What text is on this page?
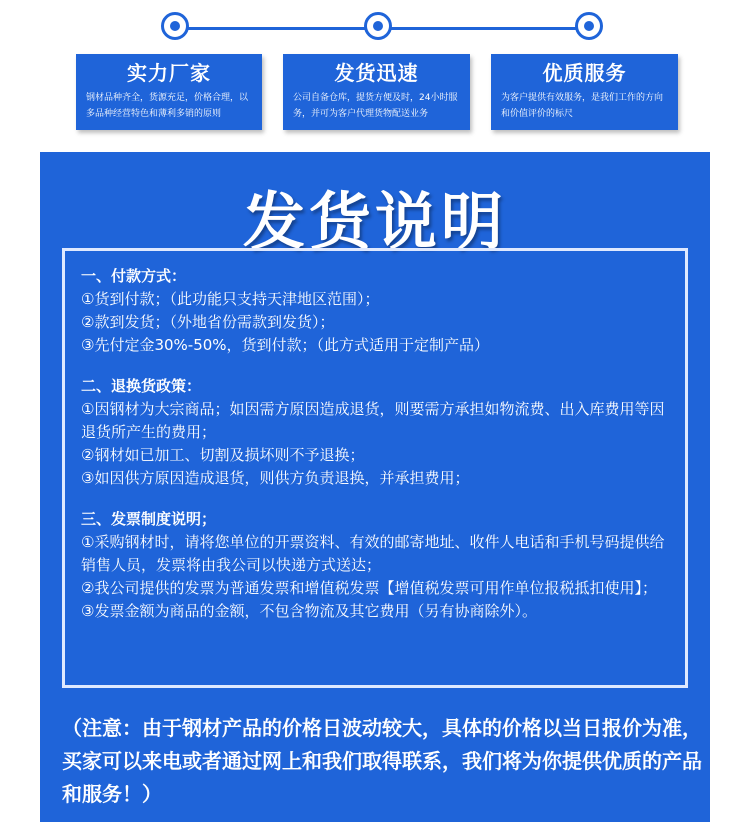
实力厂家
钢材品种齐全，货源充足，价格合理，以多品种经营特色和薄利多销的原则
发货迅速
公司自备仓库，提货方便及时，24小时服务，并可为客户代理货物配送业务
优质服务
为客户提供有效服务，是我们工作的方向和价值评价的标尺
发货说明
一、付款方式：
①货到付款；（此功能只支持天津地区范围）；
②款到发货；（外地省份需款到发货）；
③先付定金30%-50%，货到付款；（此方式适用于定制产品）
二、退换货政策：
①因钢材为大宗商品；如因需方原因造成退货，则要需方承担如物流费、出入库费用等因退货所产生的费用；
②钢材如已加工、切割及损坏则不予退换；
③如因供方原因造成退货，则供方负责退换，并承担费用；
三、发票制度说明；
①采购钢材时，请将您单位的开票资料、有效的邮寄地址、收件人电话和手机号码提供给销售人员，发票将由我公司以快递方式送达；
②我公司提供的发票为普通发票和增值税发票【增值税发票可用作单位报税抵扣使用】；
③发票金额为商品的金额，不包含物流及其它费用（另有协商除外）。
（注意：由于钢材产品的价格日波动较大，具体的价格以当日报价为准，买家可以来电或者通过网上和我们取得联系，我们将为你提供优质的产品和服务！）
